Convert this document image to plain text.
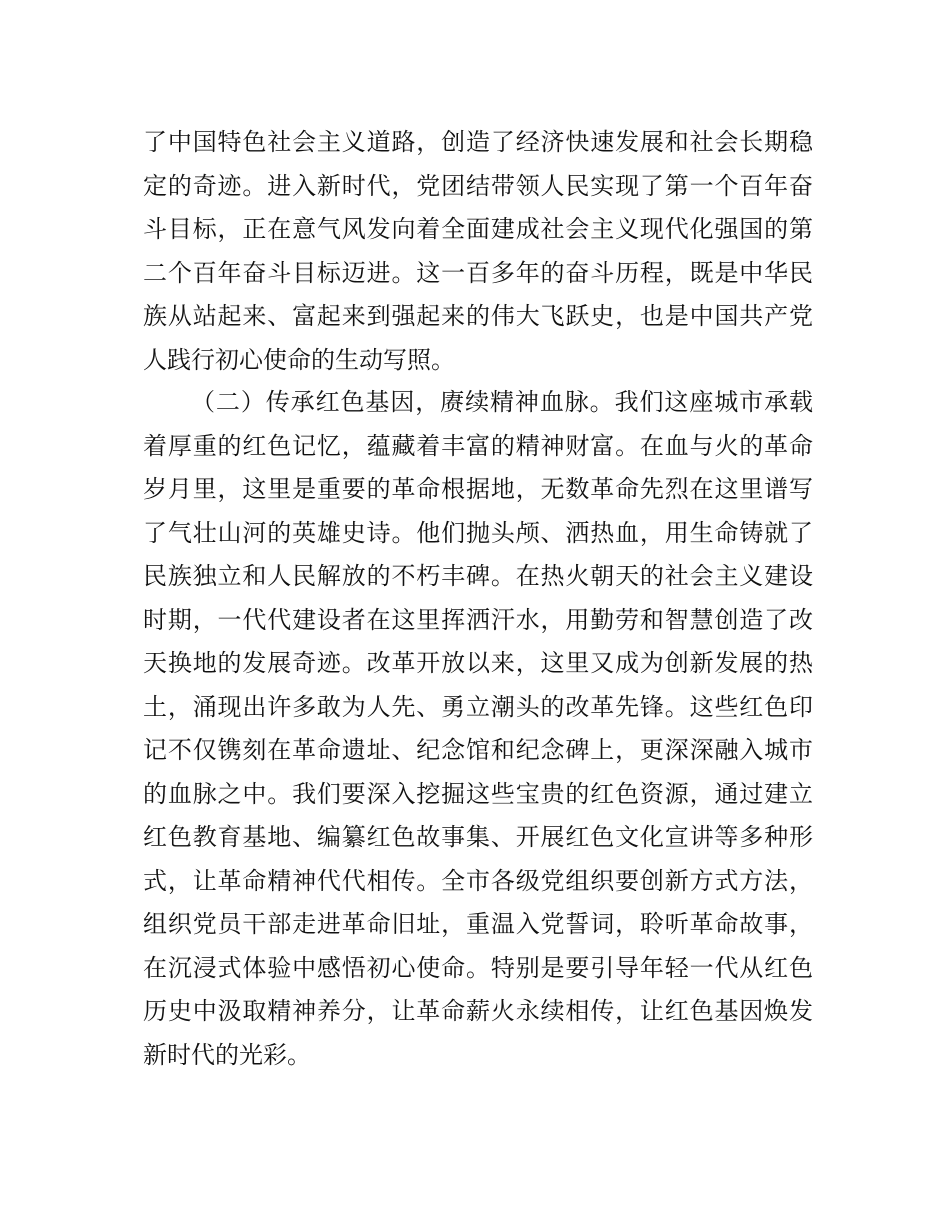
了中国特色社会主义道路，创造了经济快速发展和社会长期稳定的奇迹。进入新时代，党团结带领人民实现了第一个百年奋斗目标，正在意气风发向着全面建成社会主义现代化强国的第二个百年奋斗目标迈进。这一百多年的奋斗历程，既是中华民族从站起来、富起来到强起来的伟大飞跃史，也是中国共产党人践行初心使命的生动写照。

（二）传承红色基因，赓续精神血脉。我们这座城市承载着厚重的红色记忆，蕴藏着丰富的精神财富。在血与火的革命岁月里，这里是重要的革命根据地，无数革命先烈在这里谱写了气壮山河的英雄史诗。他们抛头颅、洒热血，用生命铸就了民族独立和人民解放的不朽丰碑。在热火朝天的社会主义建设时期，一代代建设者在这里挥洒汗水，用勤劳和智慧创造了改天换地的发展奇迹。改革开放以来，这里又成为创新发展的热土，涌现出许多敢为人先、勇立潮头的改革先锋。这些红色印记不仅镌刻在革命遗址、纪念馆和纪念碑上，更深深融入城市的血脉之中。我们要深入挖掘这些宝贵的红色资源，通过建立红色教育基地、编纂红色故事集、开展红色文化宣讲等多种形式，让革命精神代代相传。全市各级党组织要创新方式方法，组织党员干部走进革命旧址，重温入党誓词，聆听革命故事，在沉浸式体验中感悟初心使命。特别是要引导年轻一代从红色历史中汲取精神养分，让革命薪火永续相传，让红色基因焕发新时代的光彩。
